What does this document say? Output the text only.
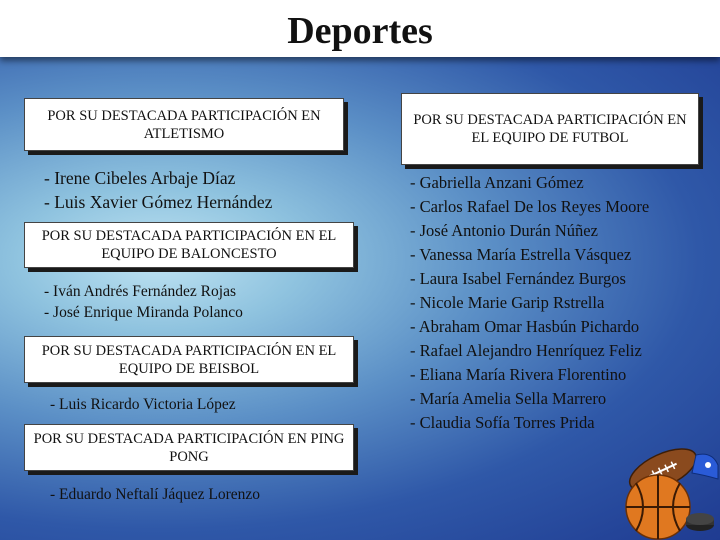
Deportes
POR SU DESTACADA PARTICIPACIÓN EN ATLETISMO
- Irene Cibeles Arbaje Díaz
- Luis Xavier Gómez Hernández
POR SU DESTACADA PARTICIPACIÓN EN EL EQUIPO DE BALONCESTO
- Iván Andrés Fernández Rojas
- José Enrique Miranda Polanco
POR SU DESTACADA PARTICIPACIÓN EN EL EQUIPO DE BEISBOL
- Luis Ricardo Victoria López
POR SU DESTACADA PARTICIPACIÓN EN PING PONG
- Eduardo Neftalí Jáquez Lorenzo
POR SU DESTACADA PARTICIPACIÓN EN EL EQUIPO DE FUTBOL
- Gabriella Anzani Gómez
- Carlos Rafael De los Reyes Moore
- José Antonio Durán Núñez
- Vanessa María Estrella Vásquez
- Laura Isabel Fernández Burgos
- Nicole Marie Garip Rstrella
- Abraham Omar Hasbún Pichardo
- Rafael Alejandro Henríquez Feliz
- Eliana María Rivera Florentino
- María Amelia Sella Marrero
- Claudia Sofía Torres Prida
